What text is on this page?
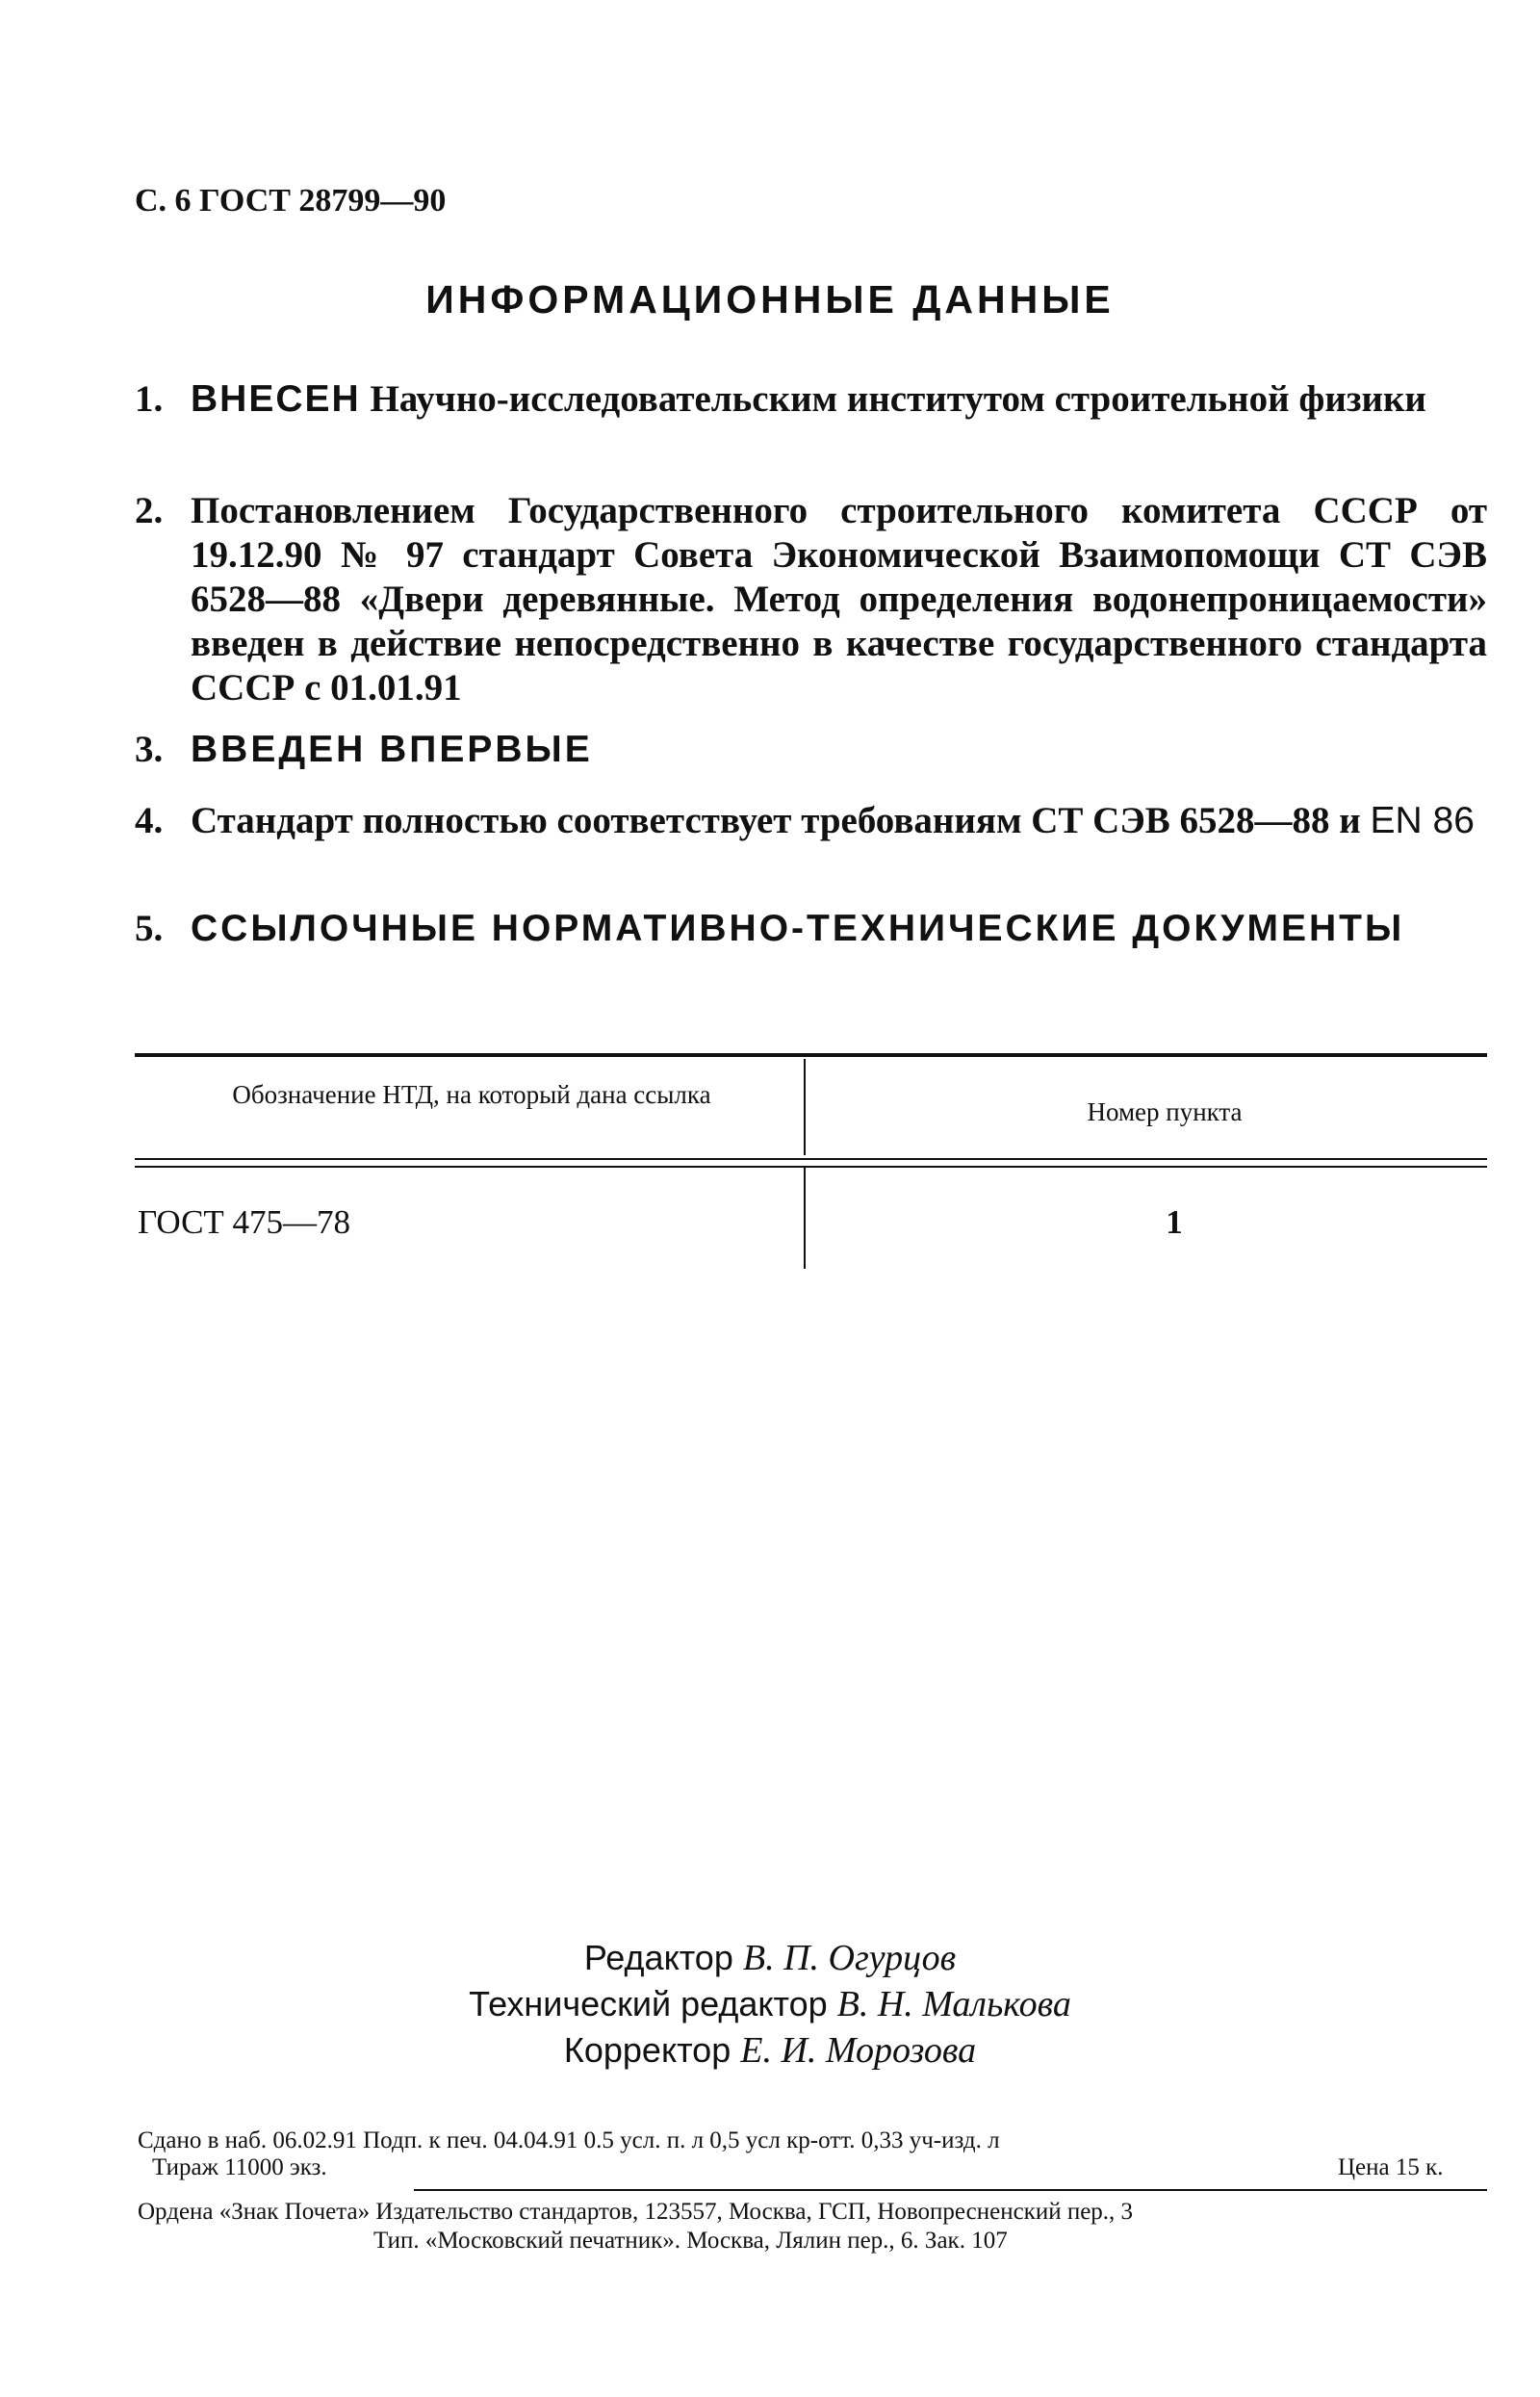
С. 6 ГОСТ 28799—90
ИНФОРМАЦИОННЫЕ ДАННЫЕ
1. ВНЕСЕН Научно-исследовательским институтом строительной физики
2. Постановлением Государственного строительного комитета СССР от 19.12.90 № 97 стандарт Совета Экономической Взаимопомощи СТ СЭВ 6528—88 «Двери деревянные. Метод определения водонепроницаемости» введен в действие непосредственно в качестве государственного стандарта СССР с 01.01.91
3. ВВЕДЕН ВПЕРВЫЕ
4. Стандарт полностью соответствует требованиям СТ СЭВ 6528—88 и EN 86
5. ССЫЛОЧНЫЕ НОРМАТИВНО-ТЕХНИЧЕСКИЕ ДОКУМЕНТЫ
Обозначение НТД, на который дана ссылка
Номер пункта
ГОСТ 475—78	1
Редактор В. П. Огурцов
Технический редактор В. Н. Малькова
Корректор Е. И. Морозова
Сдано в наб. 06.02.91 Подп. к печ. 04.04.91 0.5 усл. п. л 0,5 усл кр-отт. 0,33 уч-изд. л
Тираж 11000 экз.	Цена 15 к.
Ордена «Знак Почета» Издательство стандартов, 123557, Москва, ГСП, Новопресненский пер., 3
Тип. «Московский печатник». Москва, Лялин пер., 6. Зак. 107
